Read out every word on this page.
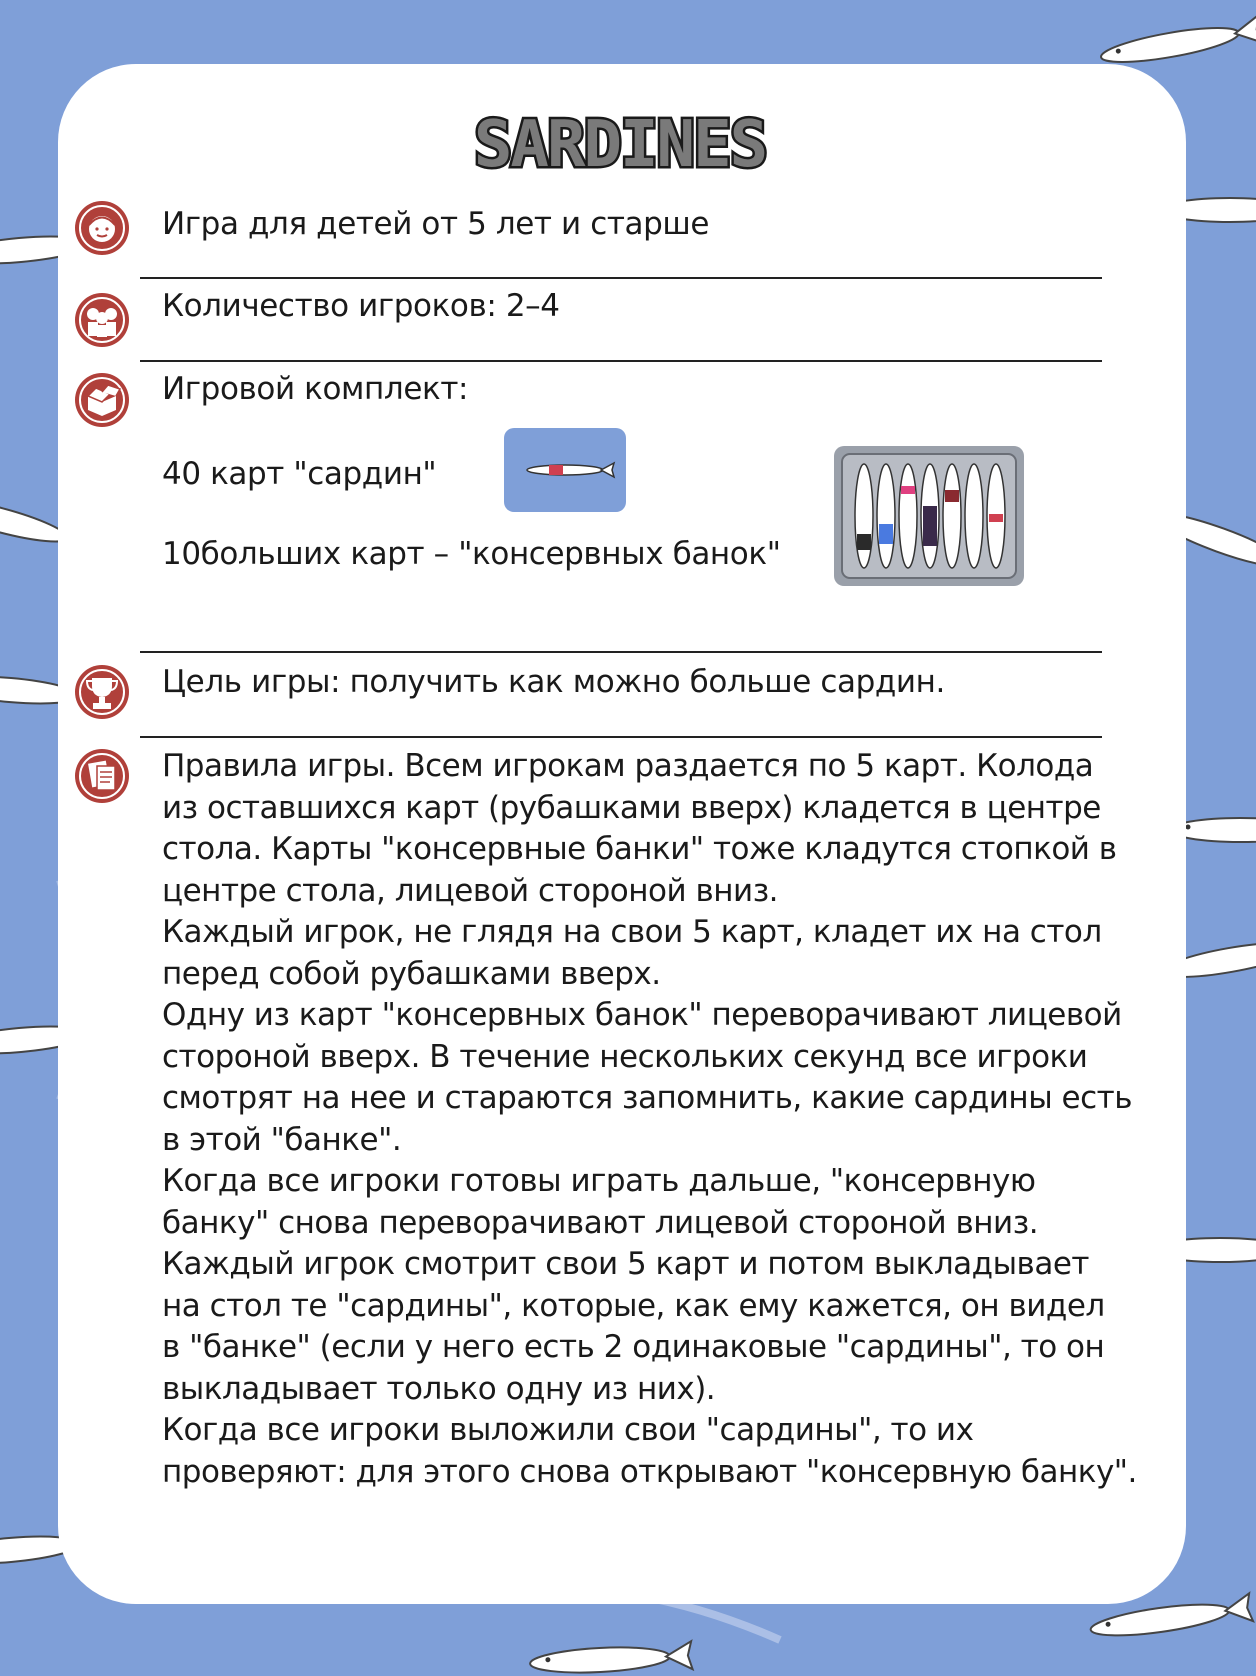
SARDINES
Игра для детей от 5 лет и старше
Количество игроков: 2–4
Игровой комплект:
40 карт "сардин"
10больших карт – "консервных банок"
Цель игры: получить как можно больше сардин.
Правила игры. Всем игрокам раздается по 5 карт. Колода
из оставшихся карт (рубашками вверх) кладется в центре
стола. Карты "консервные банки" тоже кладутся стопкой в
центре стола, лицевой стороной вниз.
Каждый игрок, не глядя на свои 5 карт, кладет их на стол
перед собой рубашками вверх.
Одну из карт "консервных банок" переворачивают лицевой
стороной вверх. В течение нескольких секунд все игроки
смотрят на нее и стараются запомнить, какие сардины есть
в этой "банке".
Когда все игроки готовы играть дальше, "консервную
банку" снова переворачивают лицевой стороной вниз.
Каждый игрок смотрит свои 5 карт и потом выкладывает
на стол те "сардины", которые, как ему кажется, он видел
в "банке" (если у него есть 2 одинаковые "сардины", то он
выкладывает только одну из них).
Когда все игроки выложили свои "сардины", то их
проверяют: для этого снова открывают "консервную банку".
